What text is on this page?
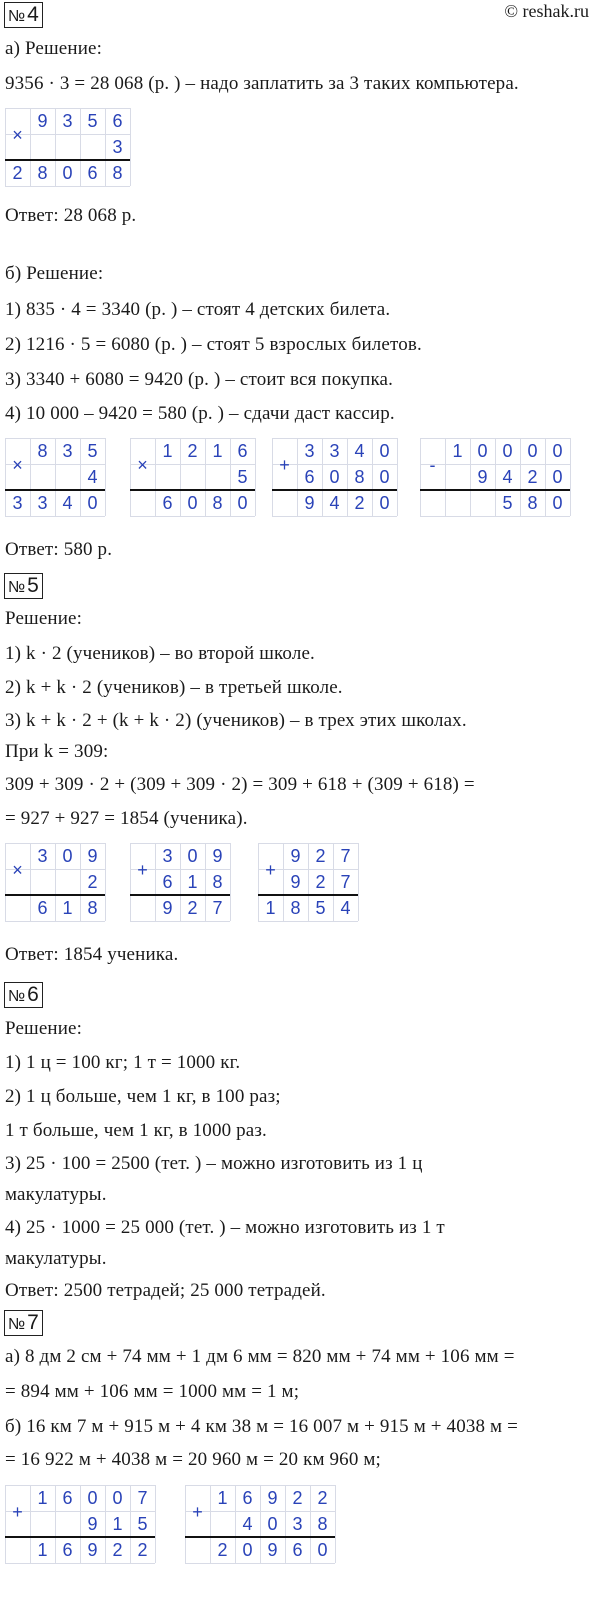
© reshak.ru
№4
№5
№6
№7
а) Решение:
9356 · 3 = 28 068 (р. ) – надо заплатить за 3 таких компьютера.
Ответ: 28 068 р.
б) Решение:
1) 835 · 4 = 3340 (р. ) – стоят 4 детских билета.
2) 1216 · 5 = 6080 (р. ) – стоят 5 взрослых билетов.
3) 3340 + 6080 = 9420 (р. ) – стоит вся покупка.
4) 10 000 – 9420 = 580 (р. ) – сдачи даст кассир.
Ответ: 580 р.
Решение:
1) k · 2 (учеников) – во второй школе.
2) k + k · 2 (учеников) – в третьей школе.
3) k + k · 2 + (k + k · 2) (учеников) – в трех этих школах.
При k = 309:
309 + 309 · 2 + (309 + 309 · 2) = 309 + 618 + (309 + 618) =
= 927 + 927 = 1854 (ученика).
Ответ: 1854 ученика.
Решение:
1) 1 ц = 100 кг; 1 т = 1000 кг.
2) 1 ц больше, чем 1 кг, в 100 раз;
1 т больше, чем 1 кг, в 1000 раз.
3) 25 · 100 = 2500 (тет. ) – можно изготовить из 1 ц
макулатуры.
4) 25 · 1000 = 25 000 (тет. ) – можно изготовить из 1 т
макулатуры.
Ответ: 2500 тетрадей; 25 000 тетрадей.
а) 8 дм 2 см + 74 мм + 1 дм 6 мм = 820 мм + 74 мм + 106 мм =
= 894 мм + 106 мм = 1000 мм = 1 м;
б) 16 км 7 м + 915 м + 4 км 38 м = 16 007 м + 915 м + 4038 м =
= 16 922 м + 4038 м = 20 960 м = 20 км 960 м;
×
9 3 5 6
3
2 8 0 6 8
×
8 3 5
4
3 3 4 0
×
1 2 1 6
5
6 0 8 0
+
3 3 4 0
6 0 8 0
9 4 2 0
-
1 0 0 0 0
9 4 2 0
5 8 0
×
3 0 9
2
6 1 8
+
3 0 9
6 1 8
9 2 7
+
9 2 7
9 2 7
1 8 5 4
+
1 6 0 0 7
9 1 5
1 6 9 2 2
+
1 6 9 2 2
4 0 3 8
2 0 9 6 0
